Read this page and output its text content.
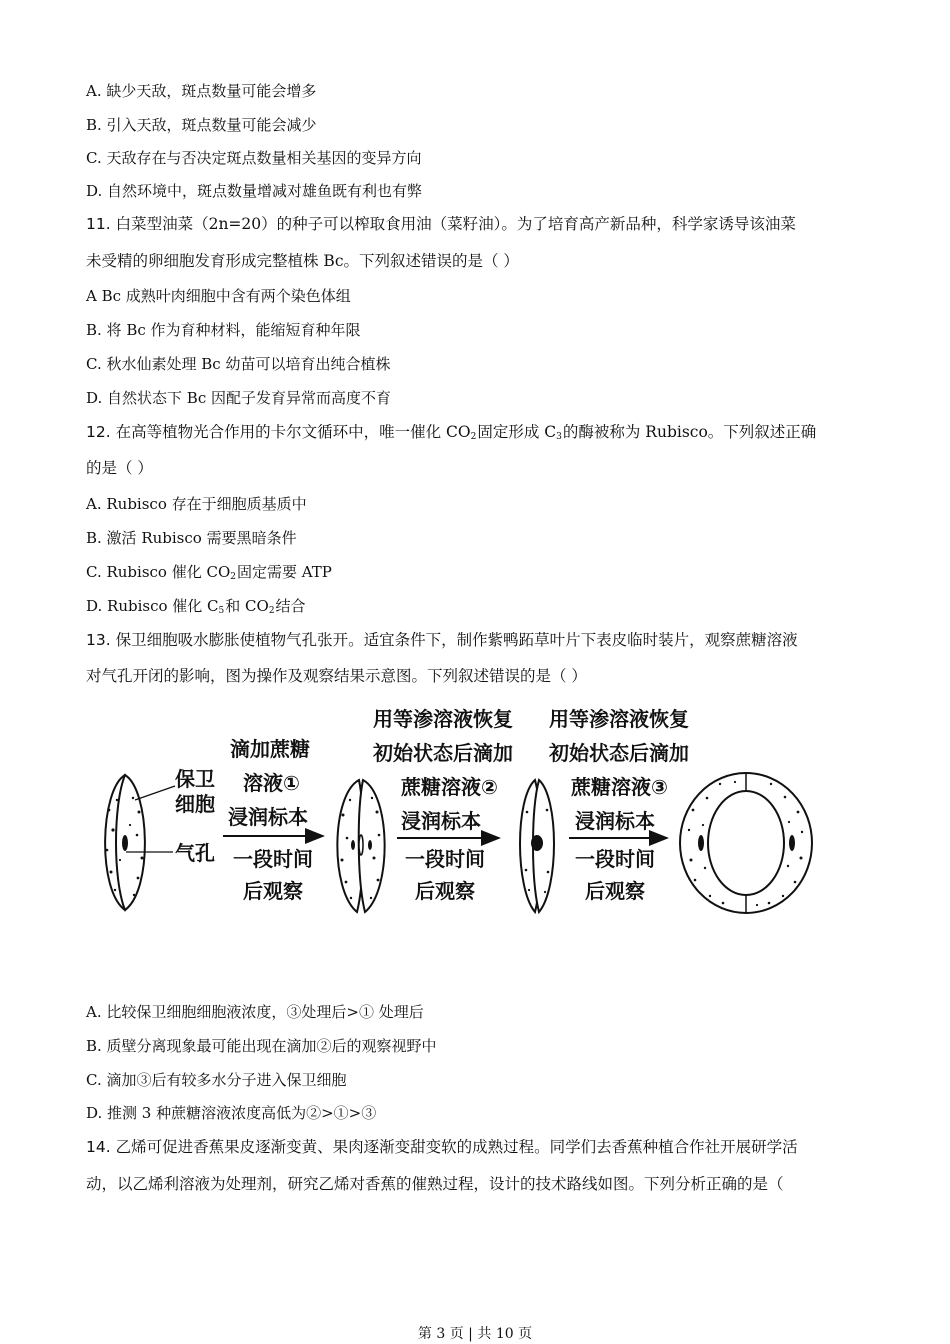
A. 缺少天敌，斑点数量可能会增多
B. 引入天敌，斑点数量可能会减少
C. 天敌存在与否决定斑点数量相关基因的变异方向
D. 自然环境中，斑点数量增减对雄鱼既有利也有弊
11. 白菜型油菜（2n=20）的种子可以榨取食用油（菜籽油）。为了培育高产新品种，科学家诱导该油菜
未受精的卵细胞发育形成完整植株 Bc。下列叙述错误的是（ ）
A Bc 成熟叶肉细胞中含有两个染色体组
B. 将 Bc 作为育种材料，能缩短育种年限
C. 秋水仙素处理 Bc 幼苗可以培育出纯合植株
D. 自然状态下 Bc 因配子发育异常而高度不育
12. 在高等植物光合作用的卡尔文循环中，唯一催化 $CO_2$固定形成 $C_3$的酶被称为 Rubisco。下列叙述正确
的是（ ）
A. Rubisco 存在于细胞质基质中
B. 激活 Rubisco 需要黑暗条件
C. Rubisco 催化 $CO_2$固定需要 ATP
D. Rubisco 催化 $C_5$和 $CO_2$结合
13. 保卫细胞吸水膨胀使植物气孔张开。适宜条件下，制作紫鸭跖草叶片下表皮临时装片，观察蔗糖溶液
对气孔开闭的影响，图为操作及观察结果示意图。下列叙述错误的是（ ）
保卫
细胞
气孔
滴加蔗糖
溶液①
浸润标本
一段时间
后观察
用等渗溶液恢复
初始状态后滴加
蔗糖溶液②
浸润标本
一段时间
后观察
用等渗溶液恢复
初始状态后滴加
蔗糖溶液③
浸润标本
一段时间
后观察
A. 比较保卫细胞细胞液浓度，③处理后>① 处理后
B. 质壁分离现象最可能出现在滴加②后的观察视野中
C. 滴加③后有较多水分子进入保卫细胞
D. 推测 3 种蔗糖溶液浓度高低为②>①>③
14. 乙烯可促进香蕉果皮逐渐变黄、果肉逐渐变甜变软的成熟过程。同学们去香蕉种植合作社开展研学活
动，以乙烯利溶液为处理剂，研究乙烯对香蕉的催熟过程，设计的技术路线如图。下列分析正确的是（
第 3 页 | 共 10 页
